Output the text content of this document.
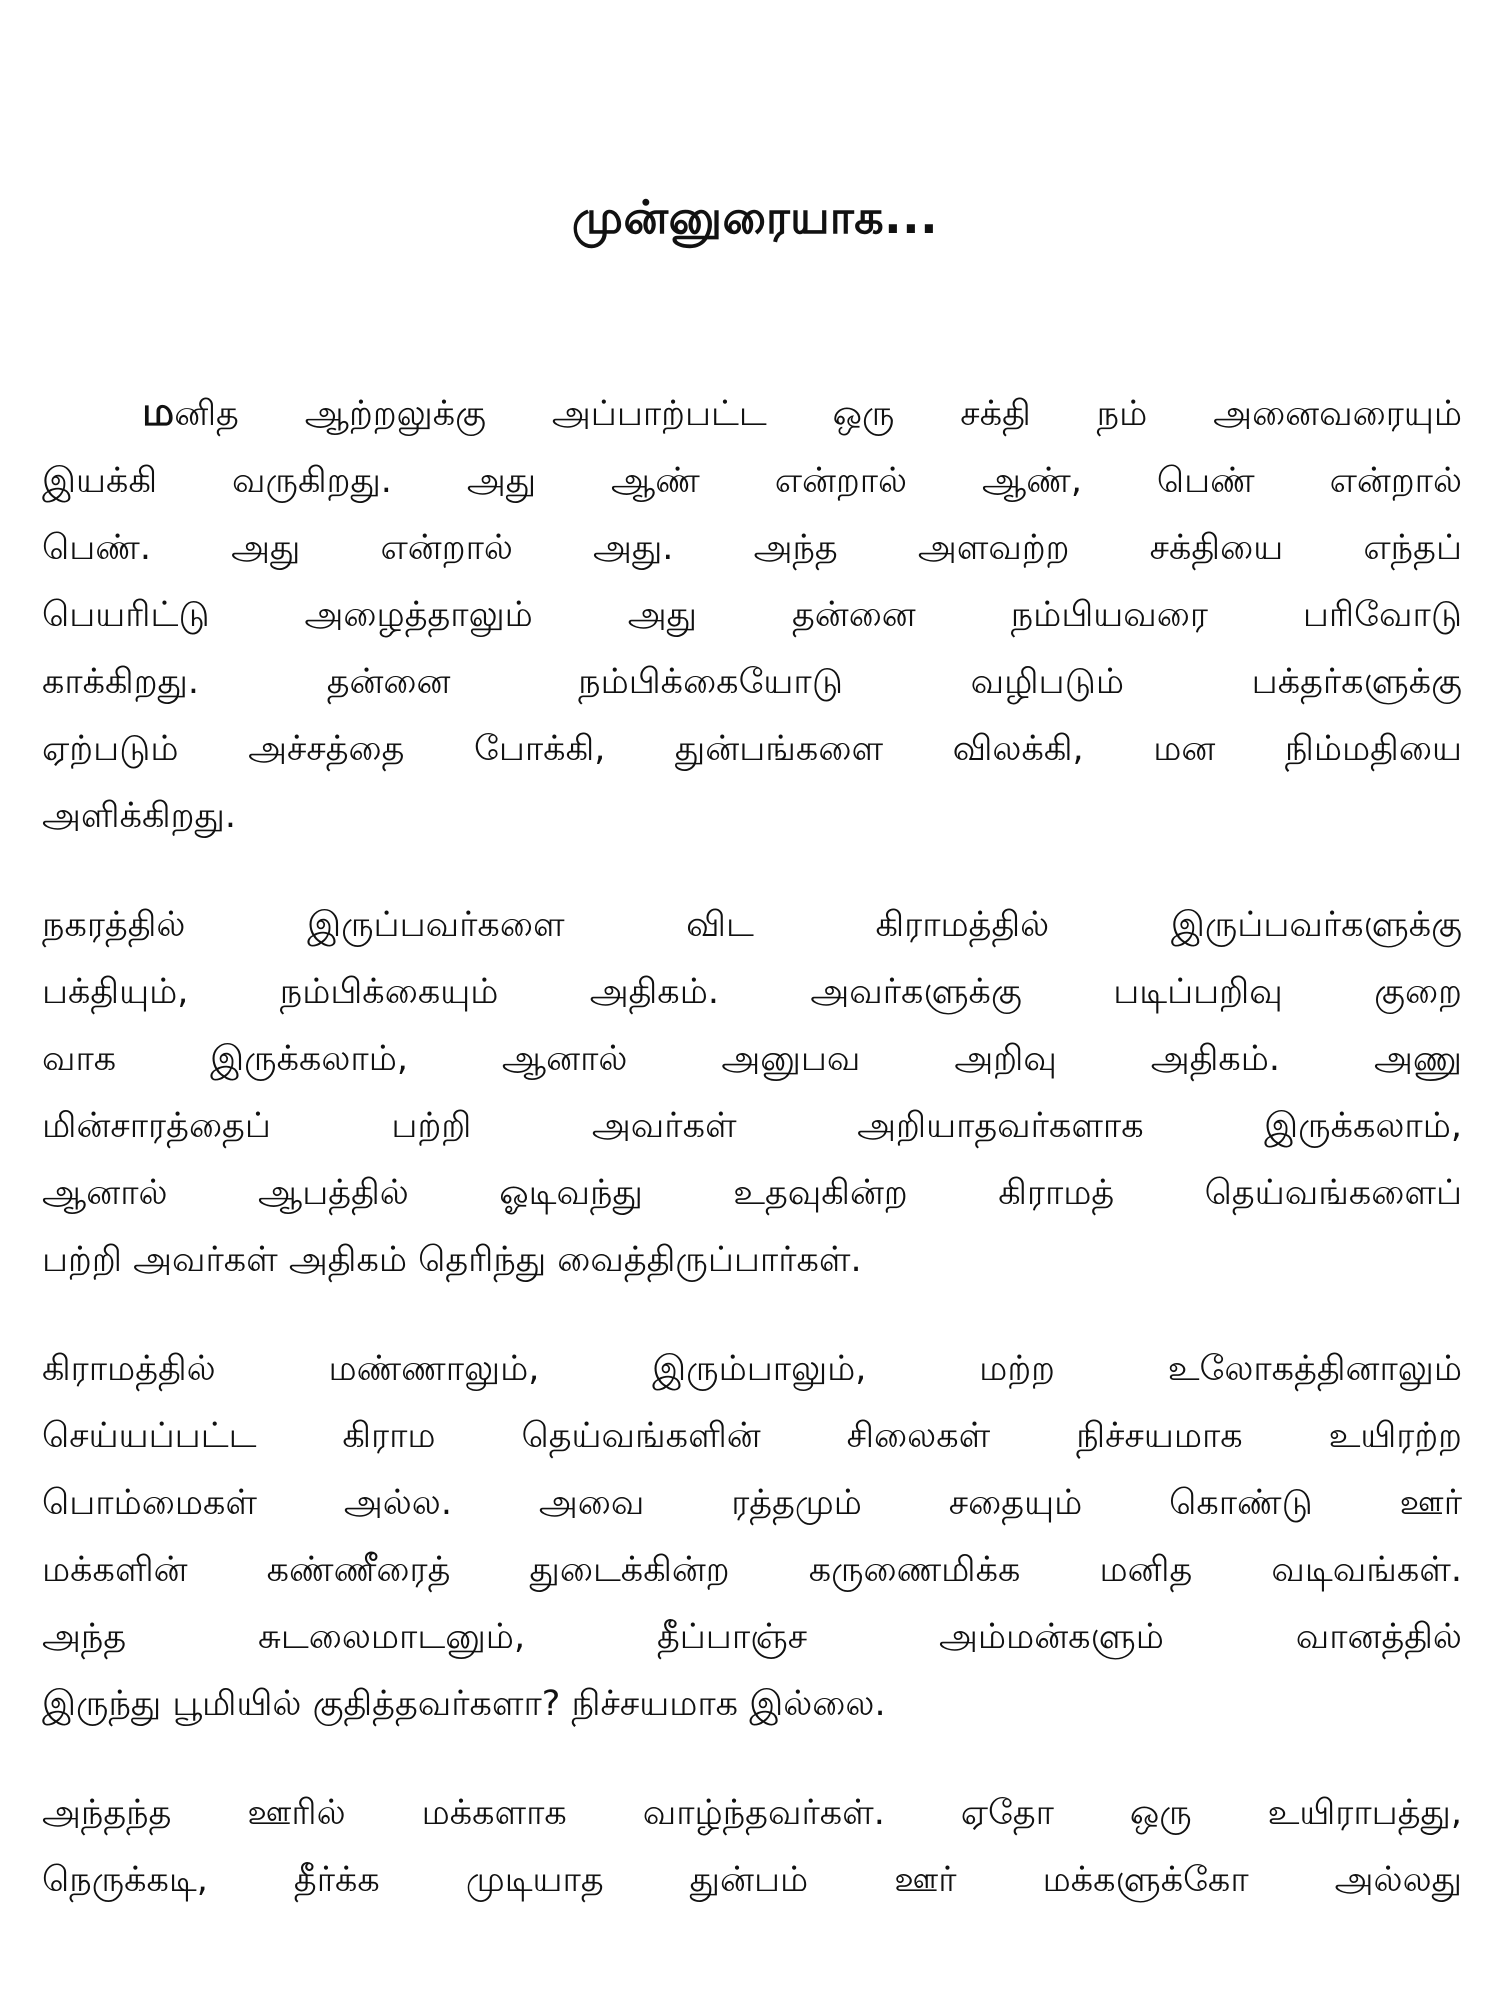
முன்னுரையாக...
மனித ஆற்றலுக்கு அப்பாற்பட்ட ஒரு சக்தி நம் அனைவரையும்
இயக்கி வருகிறது. அது ஆண் என்றால் ஆண், பெண் என்றால்
பெண். அது என்றால் அது. அந்த அளவற்ற சக்தியை எந்தப்
பெயரிட்டு அழைத்தாலும் அது தன்னை நம்பியவரை பரிவோடு
காக்கிறது. தன்னை நம்பிக்கையோடு வழிபடும் பக்தர்களுக்கு
ஏற்படும் அச்சத்தை போக்கி, துன்பங்களை விலக்கி, மன நிம்மதியை
அளிக்கிறது.
நகரத்தில் இருப்பவர்களை விட கிராமத்தில் இருப்பவர்களுக்கு
பக்தியும், நம்பிக்கையும் அதிகம். அவர்களுக்கு படிப்பறிவு குறை
வாக இருக்கலாம், ஆனால் அனுபவ அறிவு அதிகம். அணு
மின்சாரத்தைப் பற்றி அவர்கள் அறியாதவர்களாக இருக்கலாம்,
ஆனால் ஆபத்தில் ஓடிவந்து உதவுகின்ற கிராமத் தெய்வங்களைப்
பற்றி அவர்கள் அதிகம் தெரிந்து வைத்திருப்பார்கள்.
கிராமத்தில் மண்ணாலும், இரும்பாலும், மற்ற உலோகத்தினாலும்
செய்யப்பட்ட கிராம தெய்வங்களின் சிலைகள் நிச்சயமாக உயிரற்ற
பொம்மைகள் அல்ல. அவை ரத்தமும் சதையும் கொண்டு ஊர்
மக்களின் கண்ணீரைத் துடைக்கின்ற கருணைமிக்க மனித வடிவங்கள்.
அந்த சுடலைமாடனும், தீப்பாஞ்ச அம்மன்களும் வானத்தில்
இருந்து பூமியில் குதித்தவர்களா? நிச்சயமாக இல்லை.
அந்தந்த ஊரில் மக்களாக வாழ்ந்தவர்கள். ஏதோ ஒரு உயிராபத்து,
நெருக்கடி, தீர்க்க முடியாத துன்பம் ஊர் மக்களுக்கோ அல்லது
